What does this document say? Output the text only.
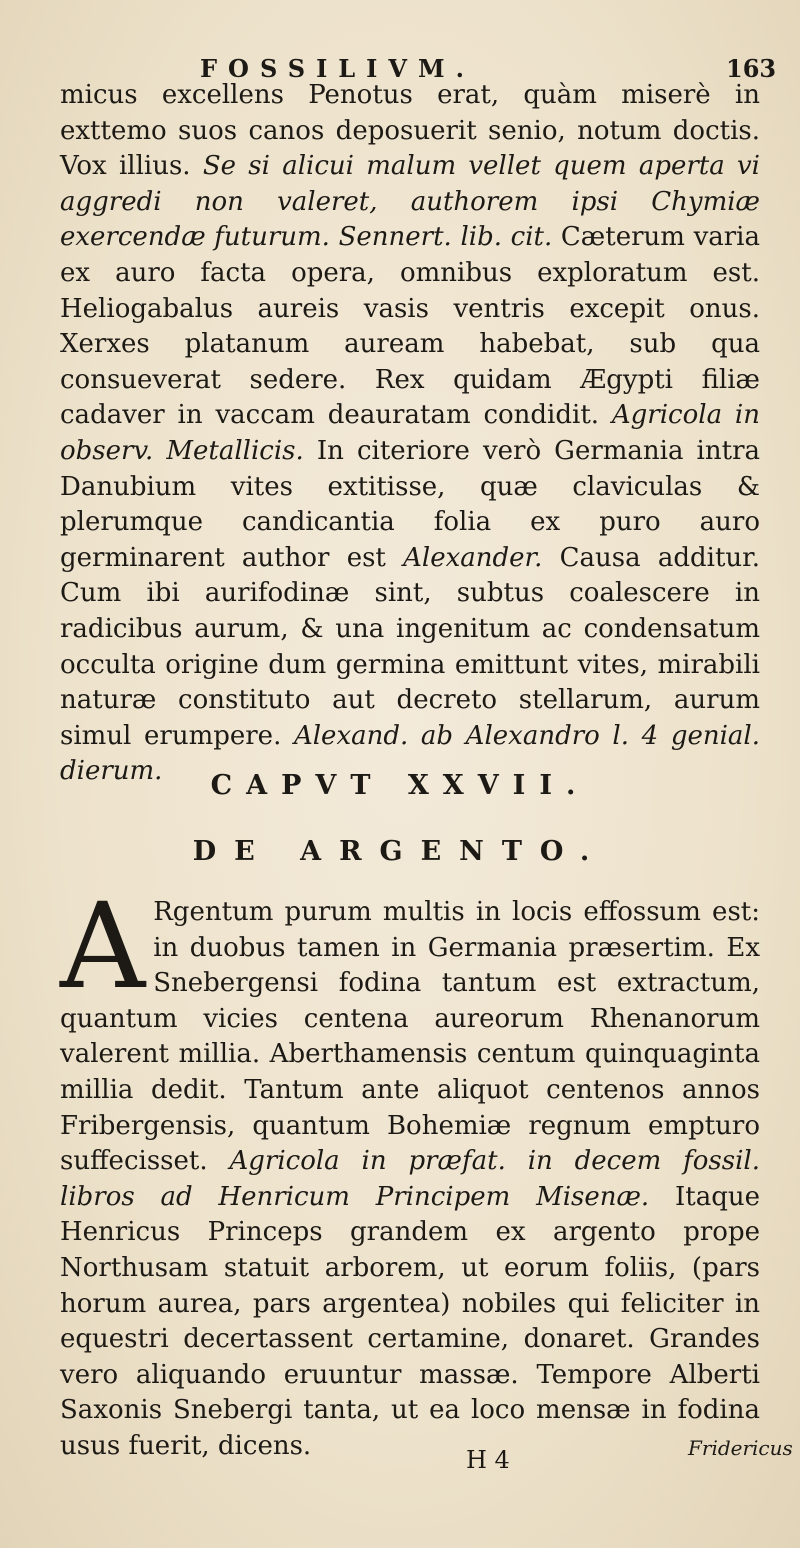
FOSSILIVM.	163
micus excellens Penotus erat, quàm miserè in exttemo suos canos deposuerit senio, notum doctis. Vox illius. Se si alicui malum vellet quem aperta vi aggredi non valeret, authorem ipsi Chymiæ exercendæ futurum. Sennert. lib. cit. Cæterum varia ex auro facta opera, omnibus exploratum est. Heliogabalus aureis vasis ventris excepit onus. Xerxes platanum auream habebat, sub qua consueverat sedere. Rex quidam Ægypti filiæ cadaver in vaccam deauratam condidit. Agricola in observ. Metallicis. In citeriore verò Germania intra Danubium vites extitisse, quæ claviculas & plerumque candicantia folia ex puro auro germinarent author est Alexander. Causa additur. Cum ibi aurifodinæ sint, subtus coalescere in radicibus aurum, & una ingenitum ac condensatum occulta origine dum germina emittunt vites, mirabili naturæ constituto aut decreto stellarum, aurum simul erumpere. Alexand. ab Alexandro l. 4 genial. dierum.	CAPVT XXVII.
DE ARGENTO.
A Rgentum purum multis in locis effossum est: in duobus tamen in Germania præsertim. Ex Snebergensi fodina tantum est extractum, quantum vicies centena aureorum Rhenanorum valerent millia. Aberthamensis centum quinquaginta millia dedit. Tantum ante aliquot centenos annos Fribergensis, quantum Bohemiæ regnum empturo suffecisset. Agricola in præfat. in decem fossil. libros ad Henricum Principem Misenæ. Itaque Henricus Princeps grandem ex argento prope Northusam statuit arborem, ut eorum foliis, (pars horum aurea, pars argentea) nobiles qui feliciter in equestri decertassent certamine, donaret. Grandes vero aliquando eruuntur massæ. Tempore Alberti Saxonis Snebergi tanta, ut ea loco mensæ in fodina usus fuerit, dicens.	H 4	Fridericus
